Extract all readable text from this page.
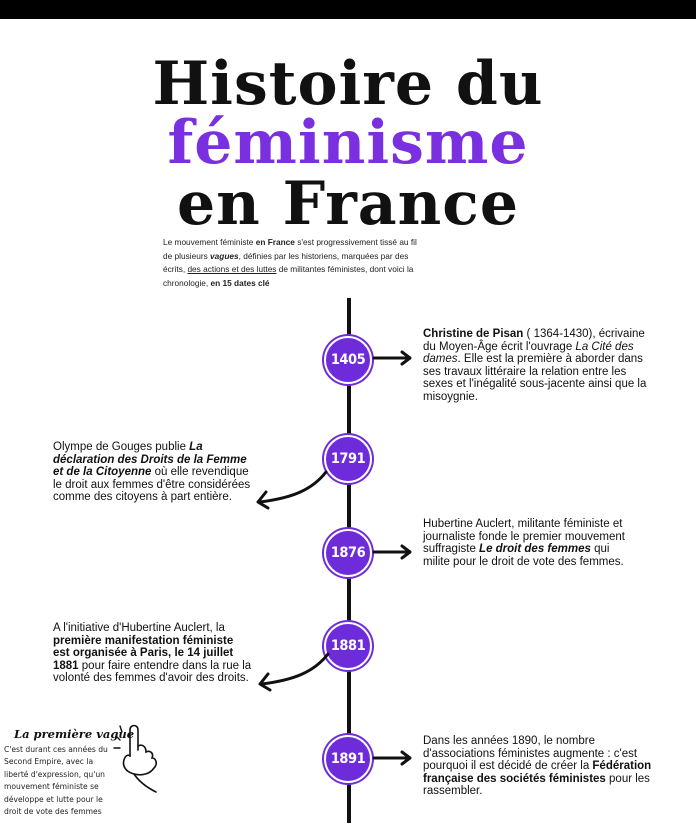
Histoire du
féminisme
en France
Le mouvement féministe en France s'est progressivement tissé au fil de plusieurs vagues, définies par les historiens, marquées par des écrits, des actions et des luttes de militantes féministes, dont voici la chronologie, en 15 dates clé
1405
Christine de Pisan ( 1364-1430), écrivaine du Moyen-Âge écrit l'ouvrage La Cité des dames. Elle est la première à aborder dans ses travaux littéraire la relation entre les sexes et l'inégalité sous-jacente ainsi que la misoygnie.
1791
Olympe de Gouges publie La déclaration des Droits de la Femme et de la Citoyenne où elle revendique le droit aux femmes d'être considérées comme des citoyens à part entière.
1876
Hubertine Auclert, militante féministe et journaliste fonde le premier mouvement suffragiste Le droit des femmes qui milite pour le droit de vote des femmes.
1881
A l'initiative d'Hubertine Auclert, la première manifestation féministe est organisée à Paris, le 14 juillet 1881 pour faire entendre dans la rue la volonté des femmes d'avoir des droits.
1891
Dans les années 1890, le nombre d'associations féministes augmente : c'est pourquoi il est décidé de créer la Fédération française des sociétés féministes pour les rassembler.
La première vague
C'est durant ces années du Second Empire, avec la liberté d'expression, qu'un mouvement féministe se développe et lutte pour le droit de vote des femmes
